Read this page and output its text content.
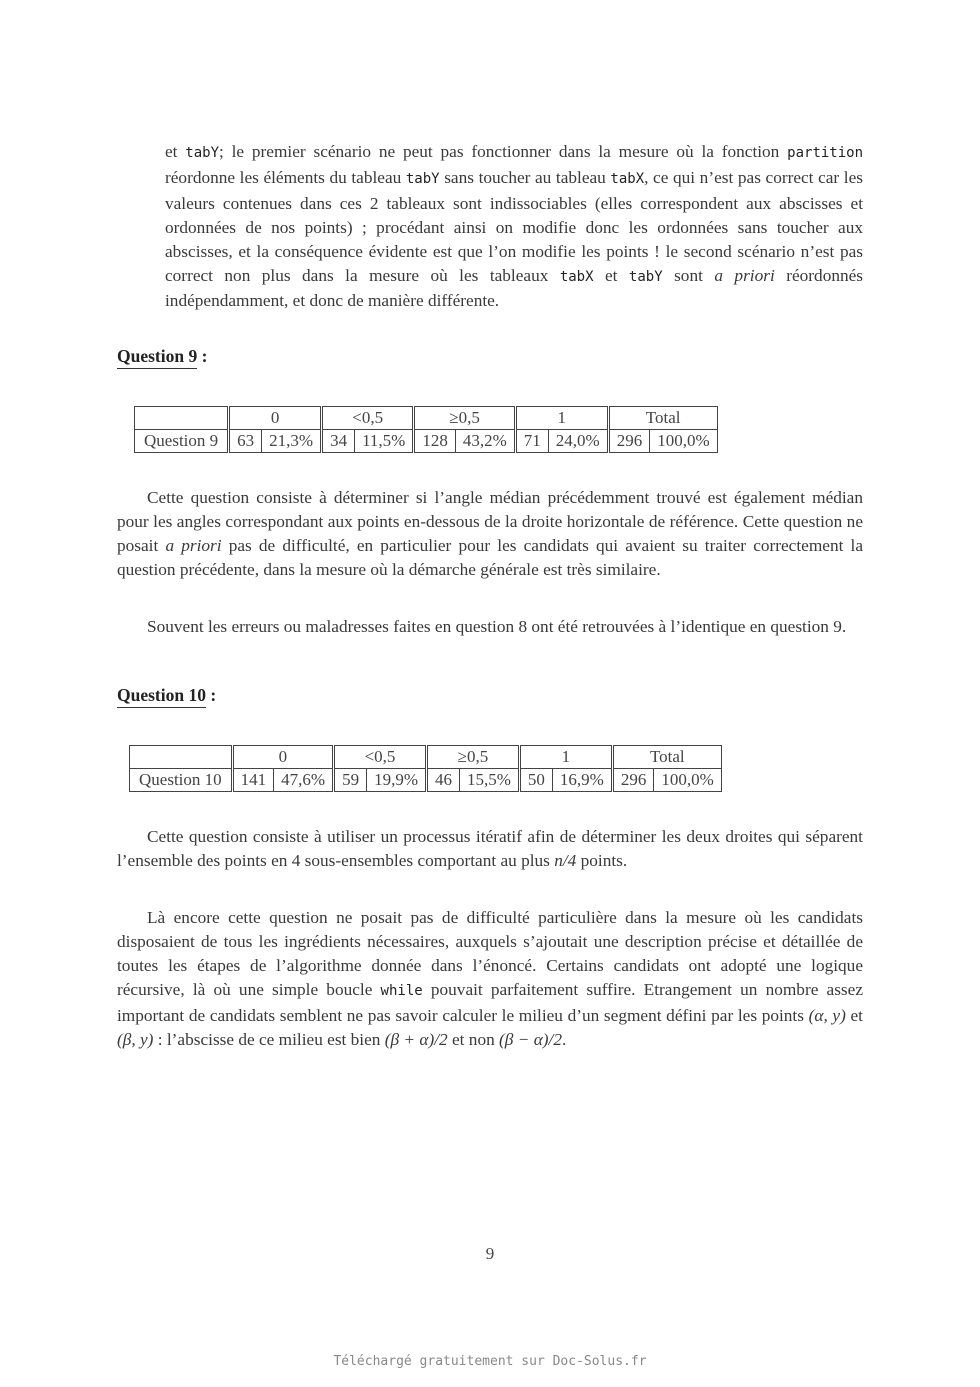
et tabY; le premier scénario ne peut pas fonctionner dans la mesure où la fonction partition réordonne les éléments du tableau tabY sans toucher au tableau tabX, ce qui n’est pas correct car les valeurs contenues dans ces 2 tableaux sont indissociables (elles correspondent aux abscisses et ordonnées de nos points) ; procédant ainsi on modifie donc les ordonnées sans toucher aux abscisses, et la conséquence évidente est que l’on modifie les points ! le second scénario n’est pas correct non plus dans la mesure où les tableaux tabX et tabY sont a priori réordonnés indépendamment, et donc de manière différente.

Question 9 :
	0		<0,5		≥0,5		1		Total	
Question 9	63	21,3%	34	11,5%	128	43,2%	71	24,0%	296	100,0%

Cette question consiste à déterminer si l’angle médian précédemment trouvé est également médian pour les angles correspondant aux points en-dessous de la droite horizontale de référence. Cette question ne posait a priori pas de difficulté, en particulier pour les candidats qui avaient su traiter correctement la question précédente, dans la mesure où la démarche générale est très similaire.

Souvent les erreurs ou maladresses faites en question 8 ont été retrouvées à l’identique en question 9.

Question 10 :
	0		<0,5		≥0,5		1		Total	
Question 10	141	47,6%	59	19,9%	46	15,5%	50	16,9%	296	100,0%

Cette question consiste à utiliser un processus itératif afin de déterminer les deux droites qui séparent l’ensemble des points en 4 sous-ensembles comportant au plus n/4 points.

Là encore cette question ne posait pas de difficulté particulière dans la mesure où les candidats disposaient de tous les ingrédients nécessaires, auxquels s’ajoutait une description précise et détaillée de toutes les étapes de l’algorithme donnée dans l’énoncé. Certains candidats ont adopté une logique récursive, là où une simple boucle while pouvait parfaitement suffire. Etrangement un nombre assez important de candidats semblent ne pas savoir calculer le milieu d’un segment défini par les points (α, y) et (β, y) : l’abscisse de ce milieu est bien (β + α)/2 et non (β − α)/2.

9
Téléchargé gratuitement sur Doc-Solus.fr
